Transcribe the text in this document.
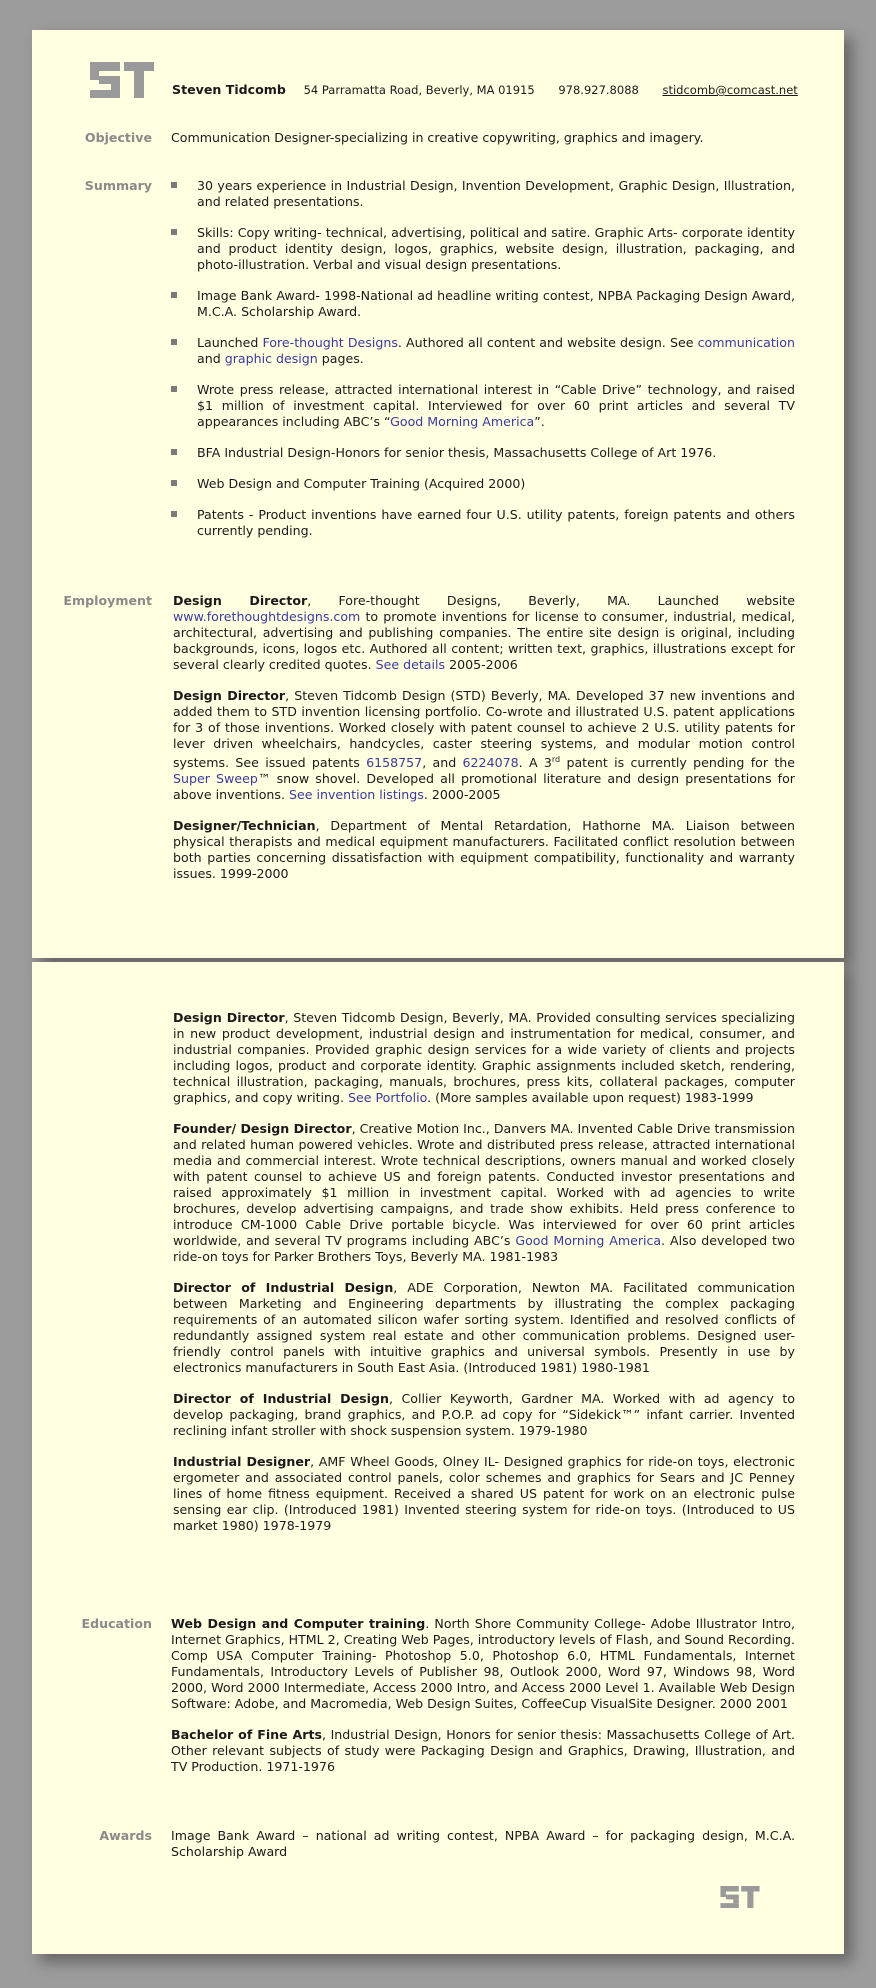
Steven Tidcomb 54 Parramatta Road, Beverly, MA 01915 978.927.8088 stidcomb@comcast.net
Objective Communication Designer-specializing in creative copywriting, graphics and imagery.
Summary	30 years experience in Industrial Design, Invention Development, Graphic Design, Illustration, and related presentations.
Skills: Copy writing- technical, advertising, political and satire. Graphic Arts- corporate identity and product identity design, logos, graphics, website design, illustration, packaging, and photo-illustration. Verbal and visual design presentations.
Image Bank Award- 1998-National ad headline writing contest, NPBA Packaging Design Award, M.C.A. Scholarship Award.
Launched Fore-thought Designs. Authored all content and website design. See communication and graphic design pages.
Wrote press release, attracted international interest in “Cable Drive” technology, and raised $1 million of investment capital. Interviewed for over 60 print articles and several TV appearances including ABC’s “Good Morning America”.
BFA Industrial Design-Honors for senior thesis, Massachusetts College of Art 1976.
Web Design and Computer Training (Acquired 2000)
Patents - Product inventions have earned four U.S. utility patents, foreign patents and others currently pending.
Employment Design Director, Fore-thought Designs, Beverly, MA. Launched website www.forethoughtdesigns.com to promote inventions for license to consumer, industrial, medical, architectural, advertising and publishing companies. The entire site design is original, including backgrounds, icons, logos etc. Authored all content; written text, graphics, illustrations except for several clearly credited quotes. See details 2005-2006

Design Director, Steven Tidcomb Design (STD) Beverly, MA. Developed 37 new inventions and added them to STD invention licensing portfolio. Co-wrote and illustrated U.S. patent applications for 3 of those inventions. Worked closely with patent counsel to achieve 2 U.S. utility patents for lever driven wheelchairs, handcycles, caster steering systems, and modular motion control systems. See issued patents 6158757, and 6224078. A 3rd patent is currently pending for the Super Sweep™ snow shovel. Developed all promotional literature and design presentations for above inventions. See invention listings. 2000-2005

Designer/Technician, Department of Mental Retardation, Hathorne MA. Liaison between physical therapists and medical equipment manufacturers. Facilitated conflict resolution between both parties concerning dissatisfaction with equipment compatibility, functionality and warranty issues. 1999-2000

Design Director, Steven Tidcomb Design, Beverly, MA. Provided consulting services specializing in new product development, industrial design and instrumentation for medical, consumer, and industrial companies. Provided graphic design services for a wide variety of clients and projects including logos, product and corporate identity. Graphic assignments included sketch, rendering, technical illustration, packaging, manuals, brochures, press kits, collateral packages, computer graphics, and copy writing. See Portfolio. (More samples available upon request) 1983-1999

Founder/ Design Director, Creative Motion Inc., Danvers MA. Invented Cable Drive transmission and related human powered vehicles. Wrote and distributed press release, attracted international media and commercial interest. Wrote technical descriptions, owners manual and worked closely with patent counsel to achieve US and foreign patents. Conducted investor presentations and raised approximately $1 million in investment capital. Worked with ad agencies to write brochures, develop advertising campaigns, and trade show exhibits. Held press conference to introduce CM-1000 Cable Drive portable bicycle. Was interviewed for over 60 print articles worldwide, and several TV programs including ABC’s Good Morning America. Also developed two ride-on toys for Parker Brothers Toys, Beverly MA. 1981-1983

Director of Industrial Design, ADE Corporation, Newton MA. Facilitated communication between Marketing and Engineering departments by illustrating the complex packaging requirements of an automated silicon wafer sorting system. Identified and resolved conflicts of redundantly assigned system real estate and other communication problems. Designed user-friendly control panels with intuitive graphics and universal symbols. Presently in use by electronics manufacturers in South East Asia. (Introduced 1981) 1980-1981

Director of Industrial Design, Collier Keyworth, Gardner MA. Worked with ad agency to develop packaging, brand graphics, and P.O.P. ad copy for “Sidekick™” infant carrier. Invented reclining infant stroller with shock suspension system. 1979-1980

Industrial Designer, AMF Wheel Goods, Olney IL- Designed graphics for ride-on toys, electronic ergometer and associated control panels, color schemes and graphics for Sears and JC Penney lines of home fitness equipment. Received a shared US patent for work on an electronic pulse sensing ear clip. (Introduced 1981) Invented steering system for ride-on toys. (Introduced to US market 1980) 1978-1979

Education Web Design and Computer training. North Shore Community College- Adobe Illustrator Intro, Internet Graphics, HTML 2, Creating Web Pages, introductory levels of Flash, and Sound Recording. Comp USA Computer Training- Photoshop 5.0, Photoshop 6.0, HTML Fundamentals, Internet Fundamentals, Introductory Levels of Publisher 98, Outlook 2000, Word 97, Windows 98, Word 2000, Word 2000 Intermediate, Access 2000 Intro, and Access 2000 Level 1. Available Web Design Software: Adobe, and Macromedia, Web Design Suites, CoffeeCup VisualSite Designer. 2000 2001

Bachelor of Fine Arts, Industrial Design, Honors for senior thesis: Massachusetts College of Art. Other relevant subjects of study were Packaging Design and Graphics, Drawing, Illustration, and TV Production. 1971-1976

Awards Image Bank Award – national ad writing contest, NPBA Award – for packaging design, M.C.A. Scholarship Award
